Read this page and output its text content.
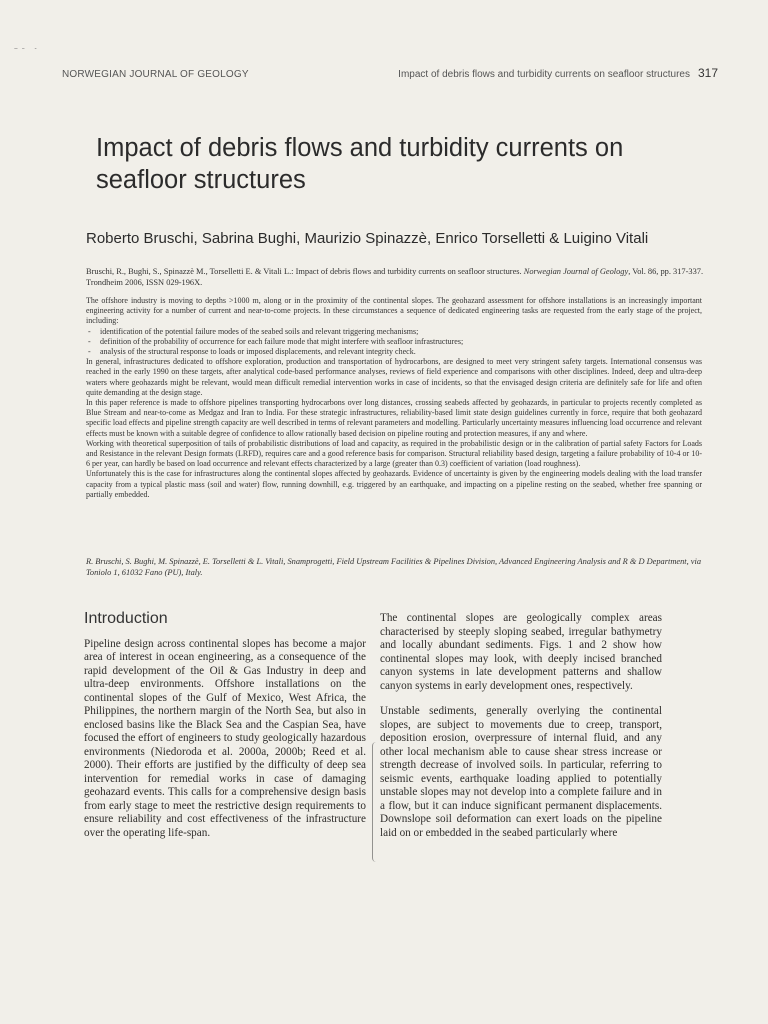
‒ –   ‐
NORWEGIAN JOURNAL OF GEOLOGY	Impact of debris flows and turbidity currents on seafloor structures 317
Impact of debris flows and turbidity currents on seafloor structures

Roberto Bruschi, Sabrina Bughi, Maurizio Spinazzè, Enrico Torselletti & Luigino Vitali

Bruschi, R., Bughi, S., Spinazzè M., Torselletti E. & Vitali L.: Impact of debris flows and turbidity currents on seafloor structures. Norwegian Journal of Geology, Vol. 86, pp. 317-337. Trondheim 2006, ISSN 029-196X.

The offshore industry is moving to depths >1000 m, along or in the proximity of the continental slopes. The geohazard assessment for offshore installations is an increasingly important engineering activity for a number of current and near-to-come projects. In these circumstances a sequence of dedicated engineering tasks are requested from the early stage of the project, including:

- identification of the potential failure modes of the seabed soils and relevant triggering mechanisms;
- definition of the probability of occurrence for each failure mode that might interfere with seafloor infrastructures;
- analysis of the structural response to loads or imposed displacements, and relevant integrity check.

In general, infrastructures dedicated to offshore exploration, production and transportation of hydrocarbons, are designed to meet very stringent safety targets. International consensus was reached in the early 1990 on these targets, after analytical code-based performance analyses, reviews of field experience and comparisons with other disciplines. Indeed, deep and ultra-deep waters where geohazards might be relevant, would mean difficult remedial intervention works in case of incidents, so that the envisaged design criteria are definitely safe for life and often quite demanding at the design stage.

In this paper reference is made to offshore pipelines transporting hydrocarbons over long distances, crossing seabeds affected by geohazards, in particular to projects recently completed as Blue Stream and near-to-come as Medgaz and Iran to India. For these strategic infrastructures, reliability-based limit state design guidelines currently in force, require that both geohazard specific load effects and pipeline strength capacity are well described in terms of relevant parameters and modelling. Particularly uncertainty measures influencing load occurrence and relevant effects must be known with a suitable degree of confidence to allow rationally based decision on pipeline routing and protection measures, if any and where.

Working with theoretical superposition of tails of probabilistic distributions of load and capacity, as required in the probabilistic design or in the calibration of partial safety Factors for Loads and Resistance in the relevant Design formats (LRFD), requires care and a good reference basis for comparison. Structural reliability based design, targeting a failure probability of 10-4 or 10-6 per year, can hardly be based on load occurrence and relevant effects characterized by a large (greater than 0.3) coefficient of variation (load roughness).

Unfortunately this is the case for infrastructures along the continental slopes affected by geohazards. Evidence of uncertainty is given by the engineering models dealing with the load transfer capacity from a typical plastic mass (soil and water) flow, running downhill, e.g. triggered by an earthquake, and impacting on a pipeline resting on the seabed, whether free spanning or partially embedded.

R. Bruschi, S. Bughi, M. Spinazzè, E. Torselletti & L. Vitali, Snamprogetti, Field Upstream Facilities & Pipelines Division, Advanced Engineering Analysis and R & D Department, via Toniolo 1, 61032 Fano (PU), Italy.

Introduction

Pipeline design across continental slopes has become a major area of interest in ocean engineering, as a consequence of the rapid development of the Oil & Gas Industry in deep and ultra-deep environments. Offshore installations on the continental slopes of the Gulf of Mexico, West Africa, the Philippines, the northern margin of the North Sea, but also in enclosed basins like the Black Sea and the Caspian Sea, have focused the effort of engineers to study geologically hazardous environments (Niedoroda et al. 2000a, 2000b; Reed et al. 2000). Their efforts are justified by the difficulty of deep sea intervention for remedial works in case of damaging geohazard events. This calls for a comprehensive design basis from early stage to meet the restrictive design requirements to ensure reliability and cost effectiveness of the infrastructure over the operating life-span.

The continental slopes are geologically complex areas characterised by steeply sloping seabed, irregular bathymetry and locally abundant sediments. Figs. 1 and 2 show how continental slopes may look, with deeply incised branched canyon systems in late development patterns and shallow canyon systems in early development ones, respectively.

Unstable sediments, generally overlying the continental slopes, are subject to movements due to creep, transport, deposition erosion, overpressure of internal fluid, and any other local mechanism able to cause shear stress increase or strength decrease of involved soils. In particular, referring to seismic events, earthquake loading applied to potentially unstable slopes may not develop into a complete failure and in a flow, but it can induce significant permanent displacements. Downslope soil deformation can exert loads on the pipeline laid on or embedded in the seabed particularly where
